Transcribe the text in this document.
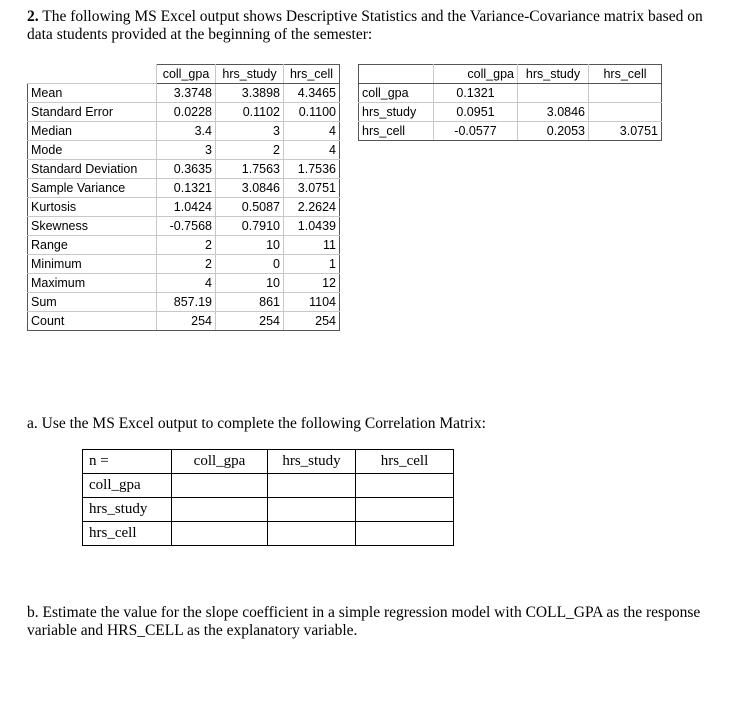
2. The following MS Excel output shows Descriptive Statistics and the Variance-Covariance matrix based on data students provided at the beginning of the semester:
	coll_gpa	hrs_study	hrs_cell
Mean	3.3748	3.3898	4.3465
Standard Error	0.0228	0.1102	0.1100
Median	3.4	3	4
Mode	3	2	4
Standard Deviation	0.3635	1.7563	1.7536
Sample Variance	0.1321	3.0846	3.0751
Kurtosis	1.0424	0.5087	2.2624
Skewness	-0.7568	0.7910	1.0439
Range	2	10	11
Minimum	2	0	1
Maximum	4	10	12
Sum	857.19	861	1104
Count	254	254	254
	coll_gpa	hrs_study	hrs_cell
coll_gpa	0.1321		
hrs_study	0.0951	3.0846	
hrs_cell	-0.0577	0.2053	3.0751
a. Use the MS Excel output to complete the following Correlation Matrix:
n =	coll_gpa	hrs_study	hrs_cell
coll_gpa			
hrs_study			
hrs_cell			
b. Estimate the value for the slope coefficient in a simple regression model with COLL_GPA as the response variable and HRS_CELL as the explanatory variable.
